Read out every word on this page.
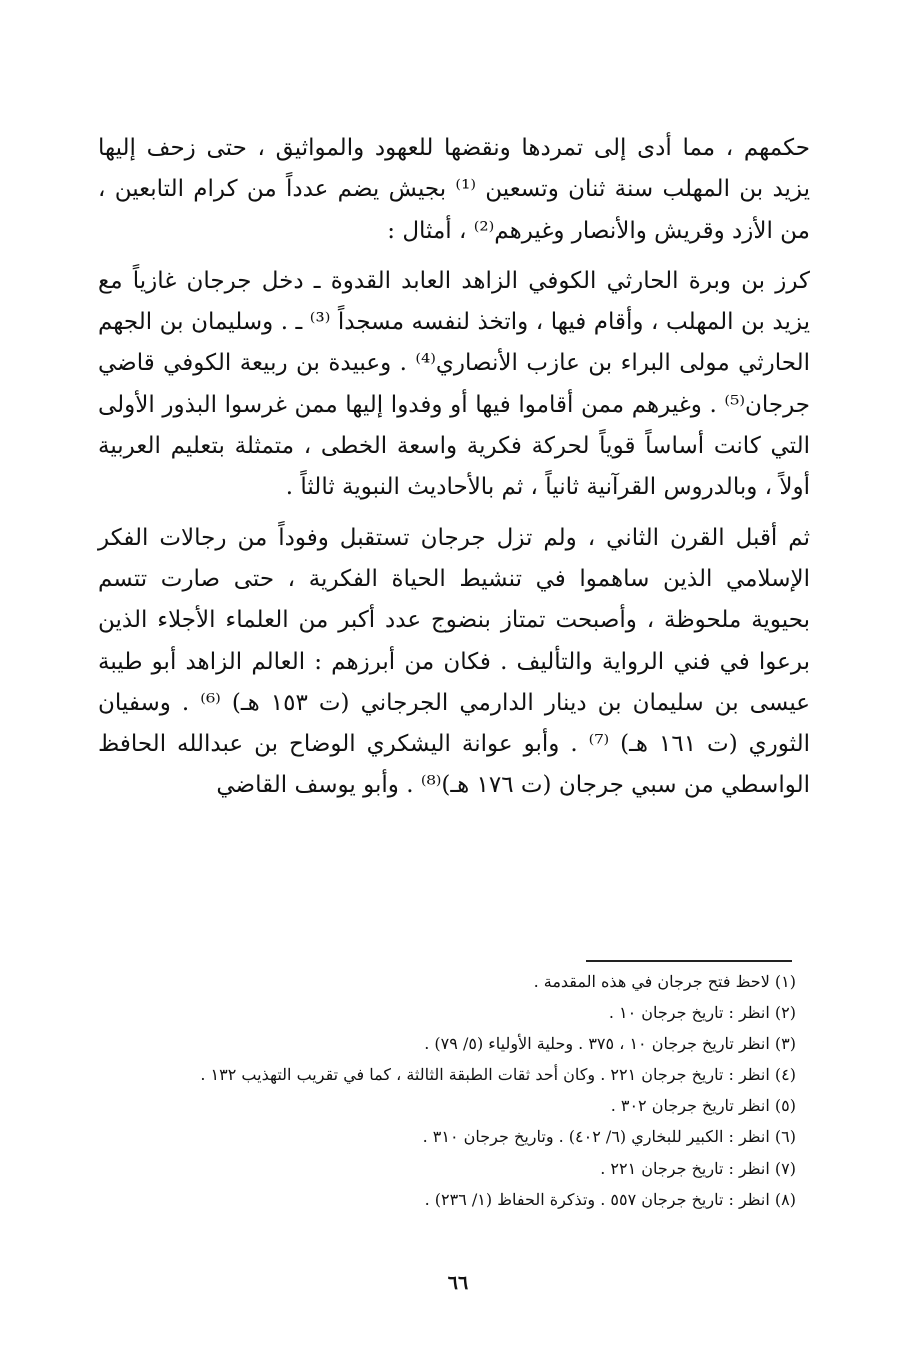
حكمهم ، مما أدى إلى تمردها ونقضها للعهود والمواثيق ، حتى زحف إليها يزيد بن المهلب سنة ثنان وتسعين ⁽¹⁾ بجيش يضم عدداً من كرام التابعين ، من الأزد وقريش والأنصار وغيرهم⁽²⁾ ، أمثال :

كرز بن وبرة الحارثي الكوفي الزاهد العابد القدوة ـ دخل جرجان غازياً مع يزيد بن المهلب ، وأقام فيها ، واتخذ لنفسه مسجداً ⁽³⁾ ـ . وسليمان بن الجهم الحارثي مولى البراء بن عازب الأنصاري⁽⁴⁾ . وعبيدة بن ربيعة الكوفي قاضي جرجان⁽⁵⁾ . وغيرهم ممن أقاموا فيها أو وفدوا إليها ممن غرسوا البذور الأولى التي كانت أساساً قوياً لحركة فكرية واسعة الخطى ، متمثلة بتعليم العربية أولاً ، وبالدروس القرآنية ثانياً ، ثم بالأحاديث النبوية ثالثاً .

ثم أقبل القرن الثاني ، ولم تزل جرجان تستقبل وفوداً من رجالات الفكر الإسلامي الذين ساهموا في تنشيط الحياة الفكرية ، حتى صارت تتسم بحيوية ملحوظة ، وأصبحت تمتاز بنضوج عدد أكبر من العلماء الأجلاء الذين برعوا في فني الرواية والتأليف . فكان من أبرزهم : العالم الزاهد أبو طيبة عيسى بن سليمان بن دينار الدارمي الجرجاني (ت ١٥٣ هـ) ⁽⁶⁾ . وسفيان الثوري (ت ١٦١ هـ) ⁽⁷⁾ . وأبو عوانة اليشكري الوضاح بن عبدالله الحافظ الواسطي من سبي جرجان (ت ١٧٦ هـ)⁽⁸⁾ . وأبو يوسف القاضي

(١) لاحظ فتح جرجان في هذه المقدمة .

(٢) انظر : تاريخ جرجان ١٠ .

(٣) انظر تاريخ جرجان ١٠ ، ٣٧٥ . وحلية الأولياء (٥/ ٧٩) .

(٤) انظر : تاريخ جرجان ٢٢١ . وكان أحد ثقات الطبقة الثالثة ، كما في تقريب التهذيب ١٣٢ .

(٥) انظر تاريخ جرجان ٣٠٢ .

(٦) انظر : الكبير للبخاري (٦/ ٤٠٢) . وتاريخ جرجان ٣١٠ .

(٧) انظر : تاريخ جرجان ٢٢١ .

(٨) انظر : تاريخ جرجان ٥٥٧ . وتذكرة الحفاظ (١/ ٢٣٦) .

٦٦
